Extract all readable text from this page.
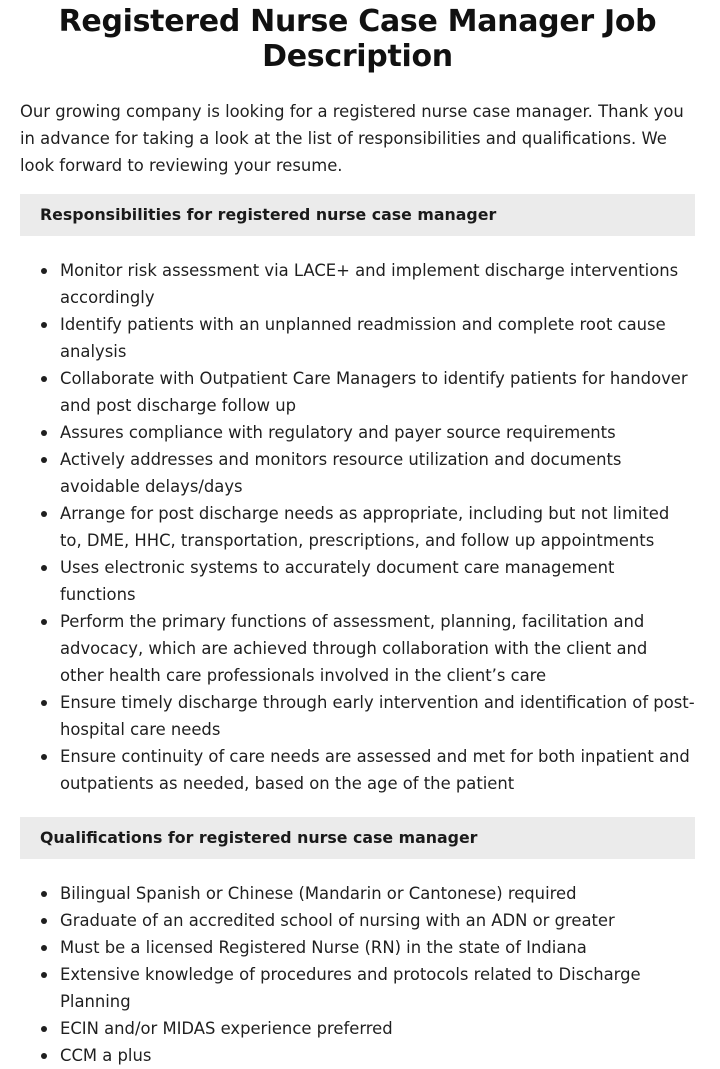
Registered Nurse Case Manager Job Description

Our growing company is looking for a registered nurse case manager. Thank you in advance for taking a look at the list of responsibilities and qualifications. We look forward to reviewing your resume.

Responsibilities for registered nurse case manager
Monitor risk assessment via LACE+ and implement discharge interventions accordingly
Identify patients with an unplanned readmission and complete root cause analysis
Collaborate with Outpatient Care Managers to identify patients for handover and post discharge follow up
Assures compliance with regulatory and payer source requirements
Actively addresses and monitors resource utilization and documents avoidable delays/days
Arrange for post discharge needs as appropriate, including but not limited to, DME, HHC, transportation, prescriptions, and follow up appointments
Uses electronic systems to accurately document care management functions
Perform the primary functions of assessment, planning, facilitation and advocacy, which are achieved through collaboration with the client and other health care professionals involved in the client’s care
Ensure timely discharge through early intervention and identification of post-hospital care needs
Ensure continuity of care needs are assessed and met for both inpatient and outpatients as needed, based on the age of the patient
Qualifications for registered nurse case manager
Bilingual Spanish or Chinese (Mandarin or Cantonese) required
Graduate of an accredited school of nursing with an ADN or greater
Must be a licensed Registered Nurse (RN) in the state of Indiana
Extensive knowledge of procedures and protocols related to Discharge Planning
ECIN and/or MIDAS experience preferred
CCM a plus
